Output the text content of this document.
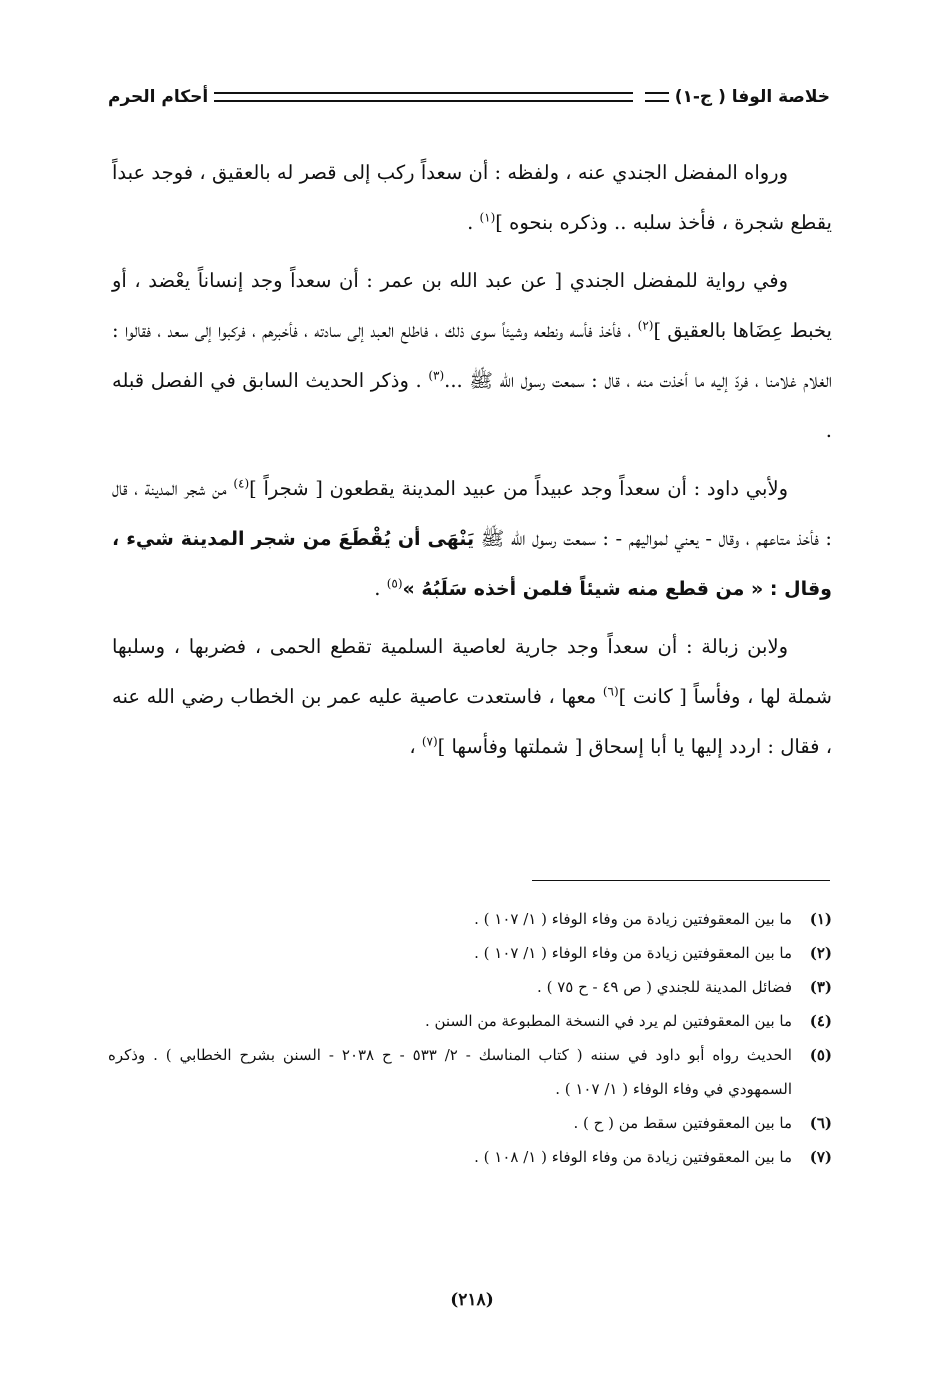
خلاصة الوفا ( ج-١)
أحكام الحرم

ورواه المفضل الجندي عنه ، ولفظه : أن سعداً ركب إلى قصر له بالعقيق ، فوجد عبداً يقطع شجرة ، فأخذ سلبه .. وذكره بنحوه ]$^{(١)}$ .

وفي رواية للمفضل الجندي [ عن عبد الله بن عمر : أن سعداً وجد إنساناً يعْضد ، أو يخبط عِضَاها بالعقيق ]$^{(٢)}$ ، فأخذ فأسه ونطعه وشيئاً سوى ذلك ، فاطلع العبد إلى سادته ، فأخبرهم ، فركبوا إلى سعد ، فقالوا : الغلام غلامنا ، فردّ إليه ما أخذت منه ، قال : سمعت رسول الله ﷺ ...$^{(٣)}$ . وذكر الحديث السابق في الفصل قبله .

ولأبي داود : أن سعداً وجد عبيداً من عبيد المدينة يقطعون [ شجراً ]$^{(٤)}$ من شجر المدينة ، قال : فأخذ متاعهم ، وقال - يعني لمواليهم - : سمعت رسول الله ﷺ يَنْهَى أن يُقْطَعَ من شجر المدينة شيء ، وقال : « من قطع منه شيئاً فلمن أخذه سَلَبُهُ »$^{(٥)}$ .

ولابن زبالة : أن سعداً وجد جارية لعاصية السلمية تقطع الحمى ، فضربها ، وسلبها شملة لها ، وفأساً [ كانت ]$^{(٦)}$ معها ، فاستعدت عاصية عليه عمر بن الخطاب رضي الله عنه ، فقال : اردد إليها يا أبا إسحاق [ شملتها وفأسها ]$^{(٧)}$ ،

(١)
ما بين المعقوفتين زيادة من وفاء الوفاء ( ١/ ١٠٧ ) .
(٢)
ما بين المعقوفتين زيادة من وفاء الوفاء ( ١/ ١٠٧ ) .
(٣)
فضائل المدينة للجندي ( ص ٤٩ - ح ٧٥ ) .
(٤)
ما بين المعقوفتين لم يرد في النسخة المطبوعة من السنن .
(٥)
الحديث رواه أبو داود في سننه ( كتاب المناسك - ٢/ ٥٣٣ - ح ٢٠٣٨ - السنن بشرح الخطابي ) . وذكره السمهودي في وفاء الوفاء ( ١/ ١٠٧ ) .
(٦)
ما بين المعقوفتين سقط من ( ح ) .
(٧)
ما بين المعقوفتين زيادة من وفاء الوفاء ( ١/ ١٠٨ ) .
(٢١٨)
